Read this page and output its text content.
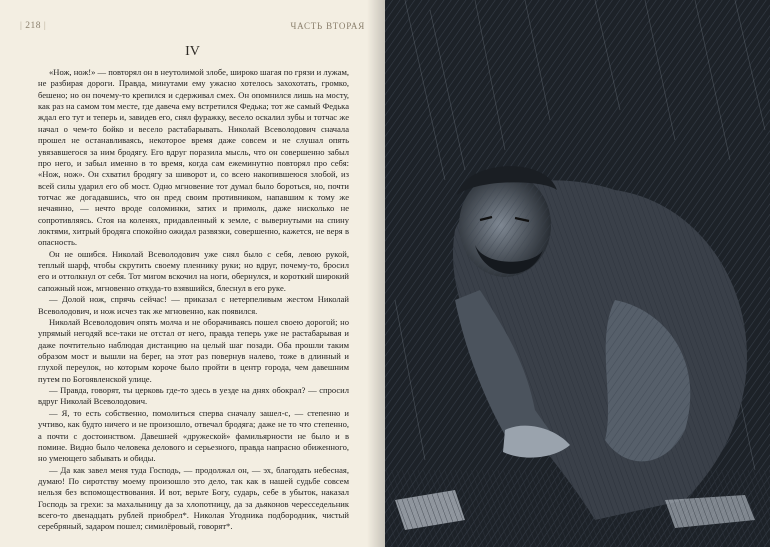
| 218 |	ЧАСТЬ ВТОРАЯ
IV

«Нож, нож!» — повторял он в неутолимой злобе, широко шагая по грязи и лужам, не разбирая дороги. Правда, минутами ему ужасно хотелось захохотать, громко, бешено; но он почему-то крепился и сдерживал смех. Он опомнился лишь на мосту, как раз на самом том месте, где давеча ему встретился Федька; тот же самый Федька ждал его тут и теперь и, завидев его, снял фуражку, весело оскалил зубы и тотчас же начал о чем-то бойко и весело растабарывать. Николай Всеволодович сначала прошел не останавливаясь, некоторое время даже совсем и не слушал опять увязавшегося за ним бродягу. Его вдруг поразила мысль, что он совершенно забыл про него, и забыл именно в то время, когда сам ежеминутно повторял про себя: «Нож, нож». Он схватил бродягу за шиворот и, со всею накопившеюся злобой, из всей силы ударил его об мост. Одно мгновение тот думал было бороться, но, почти тотчас же догадавшись, что он пред своим противником, напавшим к тому же нечаянно, — нечто вроде соломинки, затих и примолк, даже нисколько не сопротивляясь. Стоя на коленях, придавленный к земле, с вывернутыми на спину локтями, хитрый бродяга спокойно ожидал развязки, совершенно, кажется, не веря в опасность.

Он не ошибся. Николай Всеволодович уже снял было с себя, левою рукой, теплый шарф, чтобы скрутить своему пленнику руки; но вдруг, почему-то, бросил его и оттолкнул от себя. Тот мигом вскочил на ноги, обернулся, и короткий широкий сапожный нож, мгновенно откуда-то взявшийся, блеснул в его руке.

— Долой нож, спрячь сейчас! — приказал с нетерпеливым жестом Николай Всеволодович, и нож исчез так же мгновенно, как появился.

Николай Всеволодович опять молча и не оборачиваясь пошел своею дорогой; но упрямый негодяй все-таки не отстал от него, правда теперь уже не растабарывая и даже почтительно наблюдая дистанцию на целый шаг позади. Оба прошли таким образом мост и вышли на берег, на этот раз повернув налево, тоже в длинный и глухой переулок, но которым короче было пройти в центр города, чем давешним путем по Богоявленской улице.

— Правда, говорят, ты церковь где-то здесь в уезде на днях обокрал? — спросил вдруг Николай Всеволодович.

— Я, то есть собственно, помолиться сперва сначалу зашел-с, — степенно и учтиво, как будто ничего и не произошло, отвечал бродяга; даже не то что степенно, а почти с достоинством. Давешней «дружеской» фамильярности не было и в помине. Видно было человека делового и серьезного, правда напрасно обиженного, но умеющего забывать и обиды.

— Да как завел меня туда Господь, — продолжал он, — эх, благодать небесная, думаю! По сиротству моему произошло это дело, так как в нашей судьбе совсем нельзя без вспомоществования. И вот, верьте Богу, сударь, себе в убыток, наказал Господь за грехи: за махалыницу да за хлопотницу, да за дьяконов чересседельник всего-то двенадцать рублей приобрел*. Николая Угодника подбородник, чистый серебряный, задаром пошел; симилёровый, говорят*.
